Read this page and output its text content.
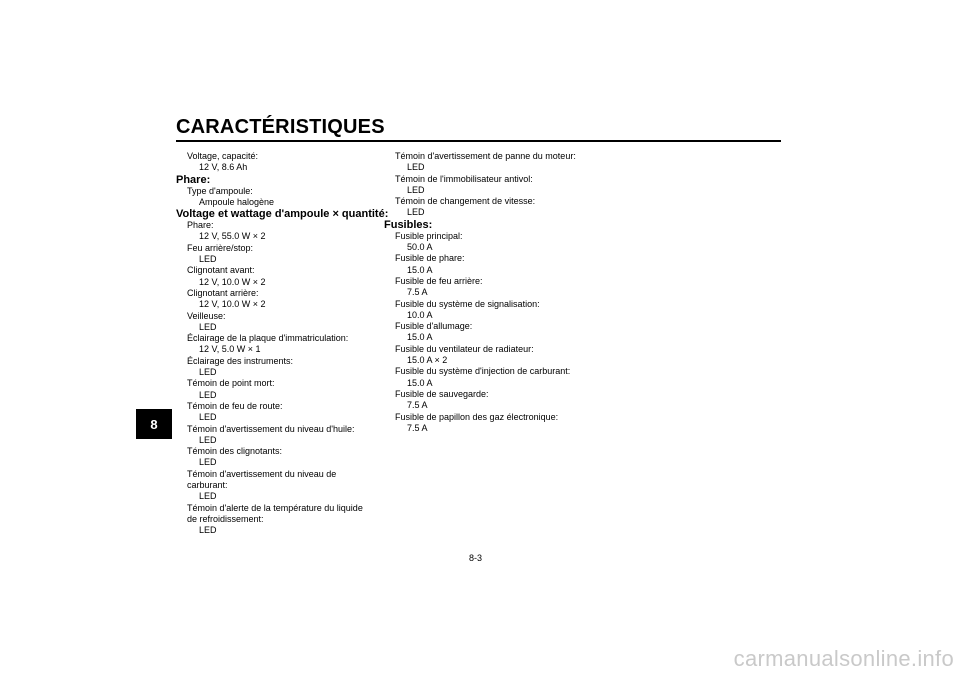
CARACTÉRISTIQUES
8
Voltage, capacité:
12 V, 8.6 Ah
Phare:
Type d'ampoule:
Ampoule halogène
Voltage et wattage d'ampoule × quantité:
Phare:
12 V, 55.0 W × 2
Feu arrière/stop:
LED
Clignotant avant:
12 V, 10.0 W × 2
Clignotant arrière:
12 V, 10.0 W × 2
Veilleuse:
LED
Éclairage de la plaque d'immatriculation:
12 V, 5.0 W × 1
Éclairage des instruments:
LED
Témoin de point mort:
LED
Témoin de feu de route:
LED
Témoin d'avertissement du niveau d'huile:
LED
Témoin des clignotants:
LED
Témoin d'avertissement du niveau de
carburant:
LED
Témoin d'alerte de la température du liquide
de refroidissement:
LED
Témoin d'avertissement de panne du moteur:
LED
Témoin de l'immobilisateur antivol:
LED
Témoin de changement de vitesse:
LED
Fusibles:
Fusible principal:
50.0 A
Fusible de phare:
15.0 A
Fusible de feu arrière:
7.5 A
Fusible du système de signalisation:
10.0 A
Fusible d'allumage:
15.0 A
Fusible du ventilateur de radiateur:
15.0 A × 2
Fusible du système d'injection de carburant:
15.0 A
Fusible de sauvegarde:
7.5 A
Fusible de papillon des gaz électronique:
7.5 A
8-3
carmanualsonline.info
